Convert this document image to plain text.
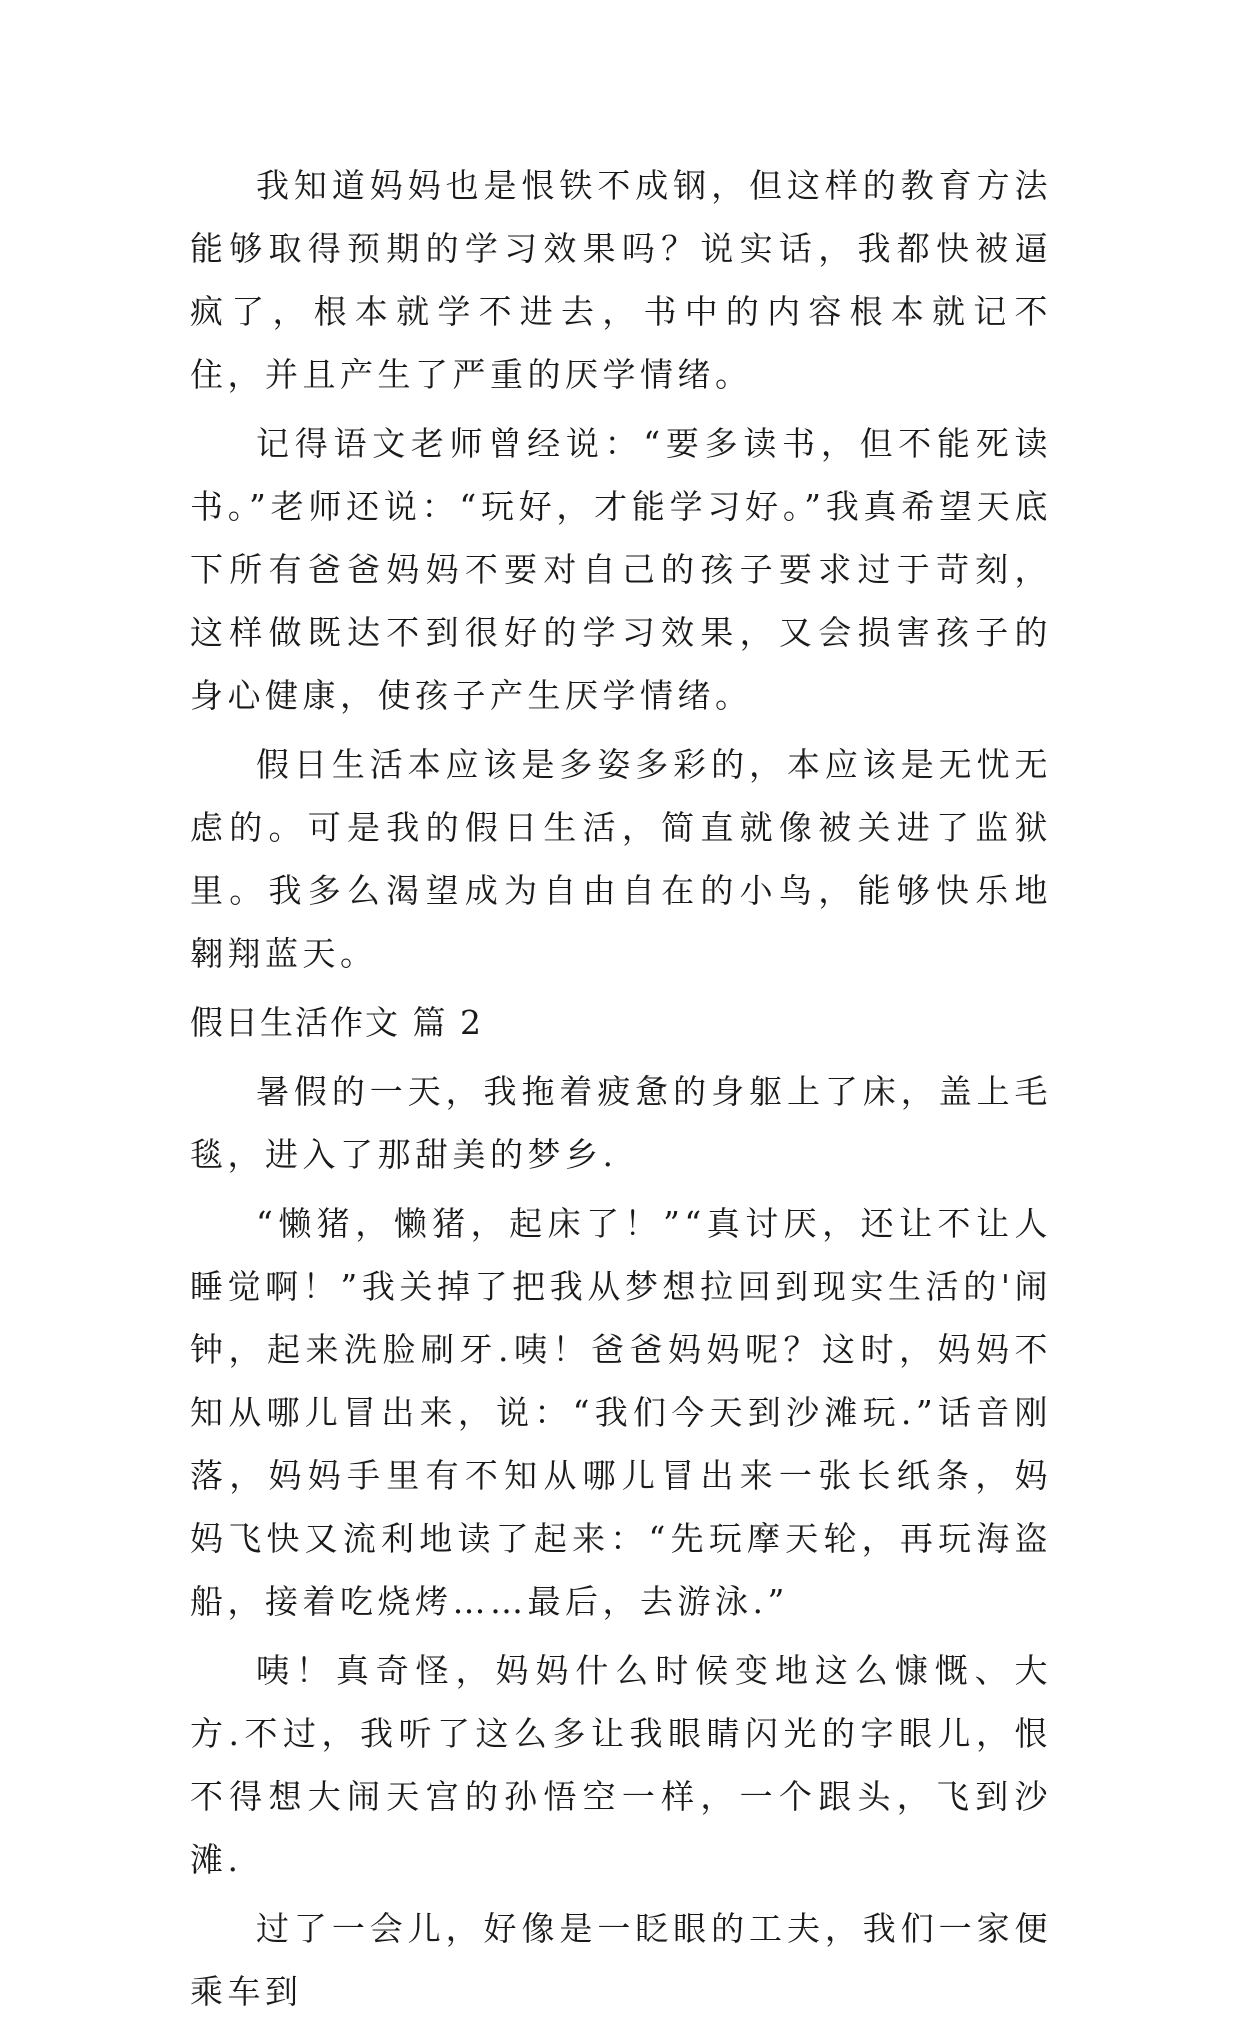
我知道妈妈也是恨铁不成钢，但这样的教育方法能够取得预期的学习效果吗？说实话，我都快被逼疯了，根本就学不进去，书中的内容根本就记不住，并且产生了严重的厌学情绪。

记得语文老师曾经说：“要多读书，但不能死读书。”老师还说：“玩好，才能学习好。”我真希望天底下所有爸爸妈妈不要对自己的孩子要求过于苛刻，这样做既达不到很好的学习效果，又会损害孩子的身心健康，使孩子产生厌学情绪。

假日生活本应该是多姿多彩的，本应该是无忧无虑的。可是我的假日生活，简直就像被关进了监狱里。我多么渴望成为自由自在的小鸟，能够快乐地翱翔蓝天。

假日生活作文 篇 2

暑假的一天，我拖着疲惫的身躯上了床，盖上毛毯，进入了那甜美的梦乡.

“懒猪，懒猪，起床了！”“真讨厌，还让不让人睡觉啊！”我关掉了把我从梦想拉回到现实生活的'闹钟，起来洗脸刷牙.咦！爸爸妈妈呢？这时，妈妈不知从哪儿冒出来，说：“我们今天到沙滩玩.”话音刚落，妈妈手里有不知从哪儿冒出来一张长纸条，妈妈飞快又流利地读了起来：“先玩摩天轮，再玩海盗船，接着吃烧烤……最后，去游泳.”

咦！真奇怪，妈妈什么时候变地这么慷慨、大方.不过，我听了这么多让我眼睛闪光的字眼儿，恨不得想大闹天宫的孙悟空一样，一个跟头，飞到沙滩.

过了一会儿，好像是一眨眼的工夫，我们一家便乘车到
